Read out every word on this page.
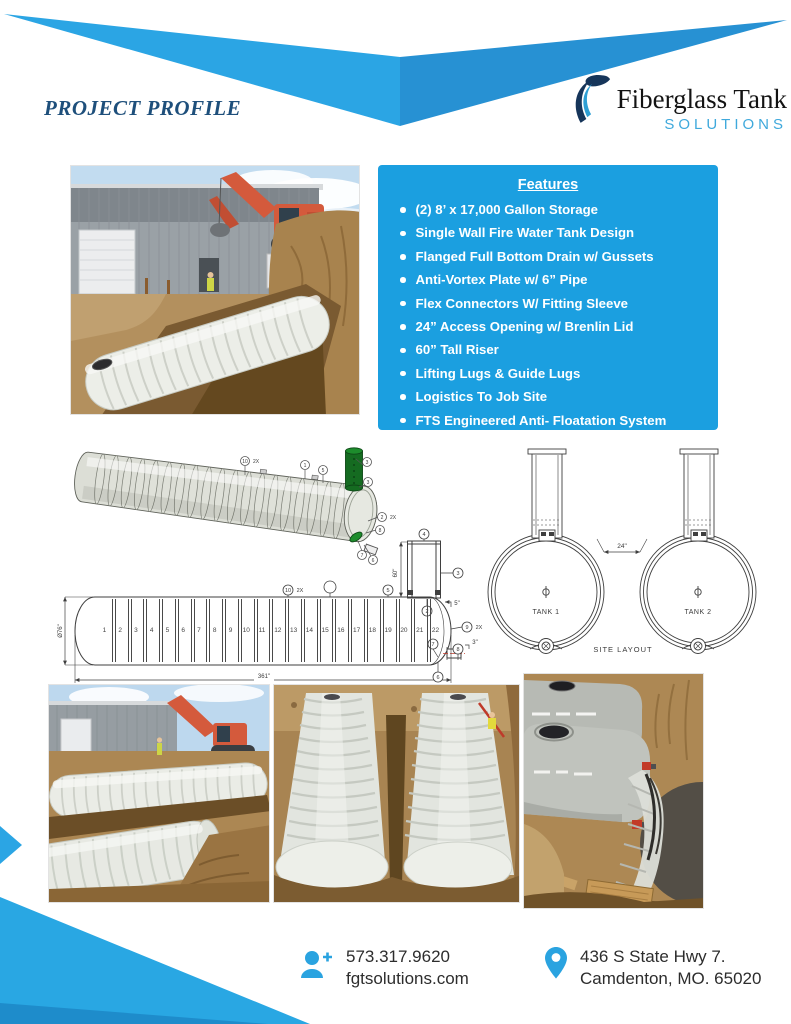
PROJECT PROFILE	Fiberglass Tank
SOLUTIONS
Features
(2) 8’ x 17,000 Gallon Storage
Single Wall Fire Water Tank Design
Flanged Full Bottom Drain w/ Gussets
Anti-Vortex Plate w/ 6” Pipe
Flex Connectors W/ Fitting Sleeve
24” Access Opening w/ Brenlin Lid
60” Tall Riser
Lifting Lugs & Guide Lugs
Logistics To Job Site
FTS Engineered Anti- Floatation System
10 2X
1
5
3
3
2 2X
8
7
6
361"
Ø76"
60"
5"
3"
10 2X	5
4
3
2
9 2X
7
8
6
1	2	3	4	5	6	7	8	9	10	11	12	13	14	15	16	17	18	19	20	21	22
24"
TANK 1	TANK 2
SITE LAYOUT
573.317.9620
fgtsolutions.com
436 S State Hwy 7.
Camdenton, MO. 65020
